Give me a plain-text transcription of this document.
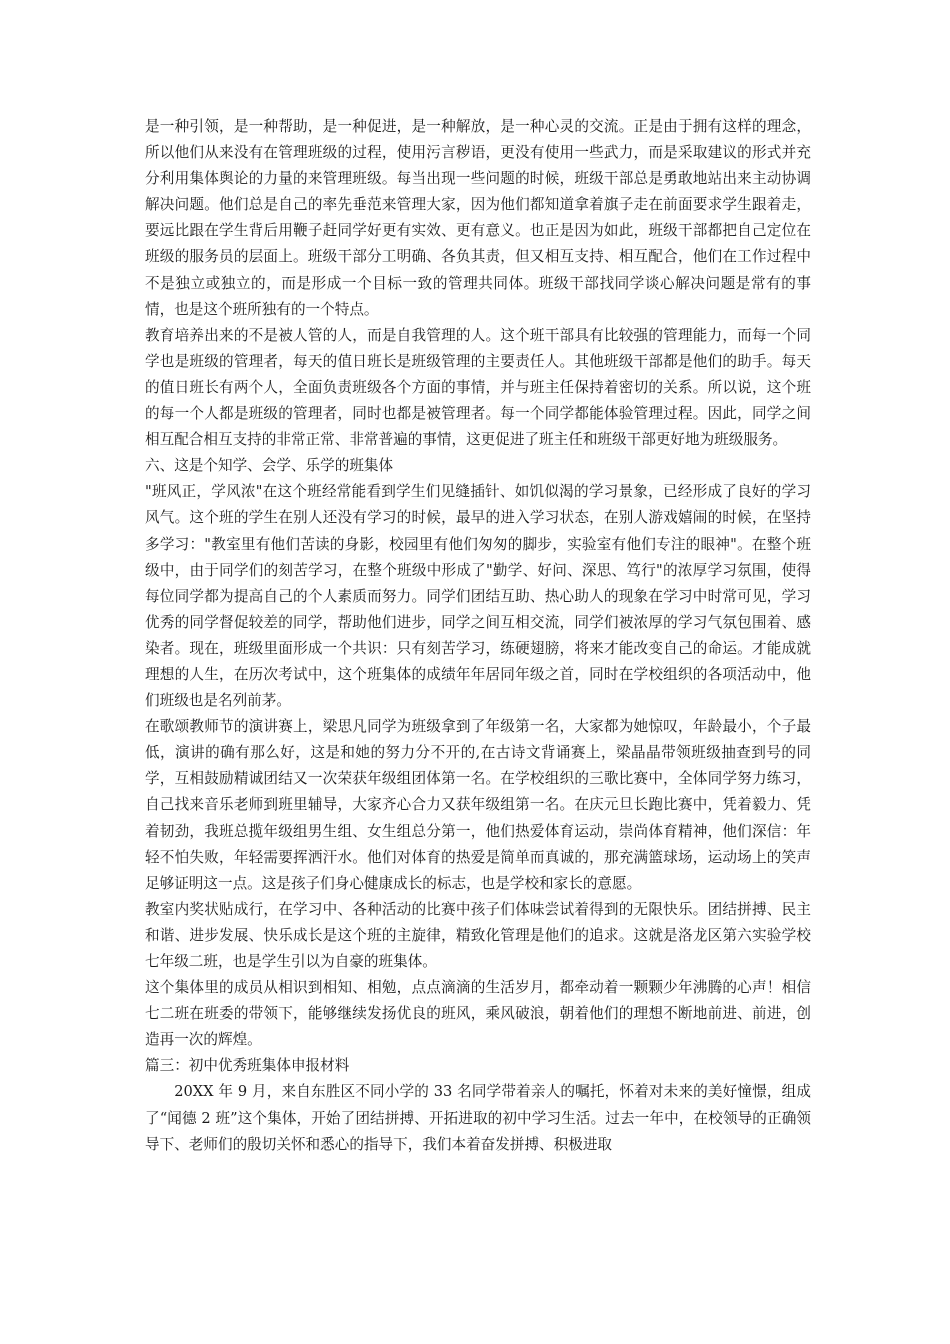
是一种引领，是一种帮助，是一种促进，是一种解放，是一种心灵的交流。正是由于拥有这样的理念，所以他们从来没有在管理班级的过程，使用污言秽语，更没有使用一些武力，而是采取建议的形式并充分利用集体舆论的力量的来管理班级。每当出现一些问题的时候，班级干部总是勇敢地站出来主动协调解决问题。他们总是自己的率先垂范来管理大家，因为他们都知道拿着旗子走在前面要求学生跟着走，要远比跟在学生背后用鞭子赶同学好更有实效、更有意义。也正是因为如此，班级干部都把自己定位在班级的服务员的层面上。班级干部分工明确、各负其责，但又相互支持、相互配合，他们在工作过程中不是独立或独立的，而是形成一个目标一致的管理共同体。班级干部找同学谈心解决问题是常有的事情，也是这个班所独有的一个特点。

教育培养出来的不是被人管的人，而是自我管理的人。这个班干部具有比较强的管理能力，而每一个同学也是班级的管理者，每天的值日班长是班级管理的主要责任人。其他班级干部都是他们的助手。每天的值日班长有两个人，全面负责班级各个方面的事情，并与班主任保持着密切的关系。所以说，这个班的每一个人都是班级的管理者，同时也都是被管理者。每一个同学都能体验管理过程。因此，同学之间相互配合相互支持的非常正常、非常普遍的事情，这更促进了班主任和班级干部更好地为班级服务。

六、这是个知学、会学、乐学的班集体

"班风正，学风浓"在这个班经常能看到学生们见缝插针、如饥似渴的学习景象，已经形成了良好的学习风气。这个班的学生在别人还没有学习的时候，最早的进入学习状态，在别人游戏嬉闹的时候，在坚持多学习："教室里有他们苦读的身影，校园里有他们匆匆的脚步，实验室有他们专注的眼神"。在整个班级中，由于同学们的刻苦学习，在整个班级中形成了"勤学、好问、深思、笃行"的浓厚学习氛围，使得每位同学都为提高自己的个人素质而努力。同学们团结互助、热心助人的现象在学习中时常可见，学习优秀的同学督促较差的同学，帮助他们进步，同学之间互相交流，同学们被浓厚的学习气氛包围着、感染者。现在，班级里面形成一个共识：只有刻苦学习，练硬翅膀，将来才能改变自己的命运。才能成就理想的人生，在历次考试中，这个班集体的成绩年年居同年级之首，同时在学校组织的各项活动中，他们班级也是名列前茅。

在歌颂教师节的演讲赛上，梁思凡同学为班级拿到了年级第一名，大家都为她惊叹，年龄最小，个子最低，演讲的确有那么好，这是和她的努力分不开的,在古诗文背诵赛上，梁晶晶带领班级抽查到号的同学，互相鼓励精诚团结又一次荣获年级组团体第一名。在学校组织的三歌比赛中，全体同学努力练习，自己找来音乐老师到班里辅导，大家齐心合力又获年级组第一名。在庆元旦长跑比赛中，凭着毅力、凭着韧劲，我班总揽年级组男生组、女生组总分第一，他们热爱体育运动，崇尚体育精神，他们深信：年轻不怕失败，年轻需要挥洒汗水。他们对体育的热爱是简单而真诚的，那充满篮球场，运动场上的笑声足够证明这一点。这是孩子们身心健康成长的标志，也是学校和家长的意愿。

教室内奖状贴成行，在学习中、各种活动的比赛中孩子们体味尝试着得到的无限快乐。团结拼搏、民主和谐、进步发展、快乐成长是这个班的主旋律，精致化管理是他们的追求。这就是洛龙区第六实验学校七年级二班，也是学生引以为自豪的班集体。

这个集体里的成员从相识到相知、相勉，点点滴滴的生活岁月，都牵动着一颗颗少年沸腾的心声！相信七二班在班委的带领下，能够继续发扬优良的班风，乘风破浪，朝着他们的理想不断地前进、前进，创造再一次的辉煌。

篇三：初中优秀班集体申报材料

20XX 年 9 月，来自东胜区不同小学的 33 名同学带着亲人的嘱托，怀着对未来的美好憧憬，组成了“闻德 2 班”这个集体，开始了团结拼搏、开拓进取的初中学习生活。过去一年中，在校领导的正确领导下、老师们的殷切关怀和悉心的指导下，我们本着奋发拼搏、积极进取
